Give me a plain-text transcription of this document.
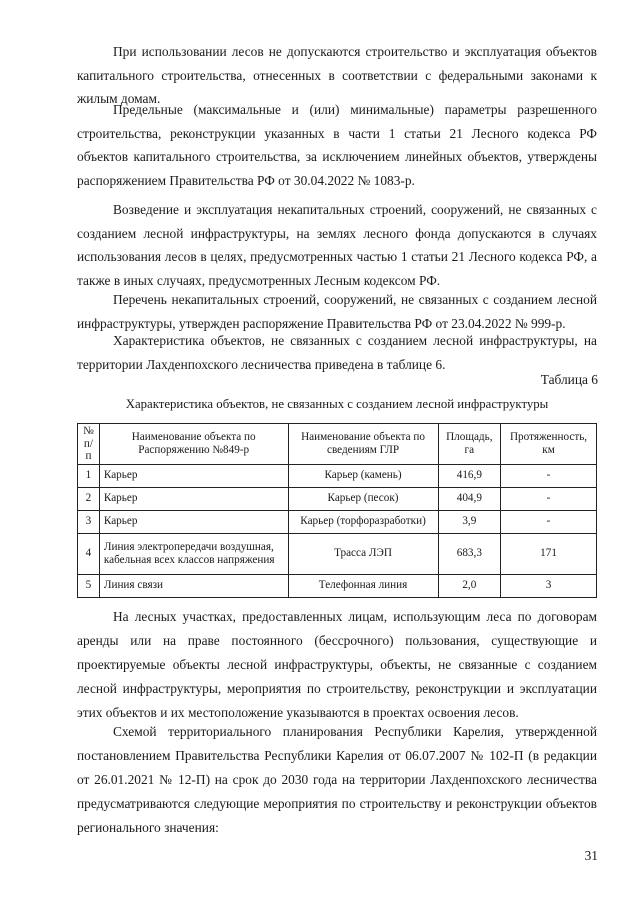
При использовании лесов не допускаются строительство и эксплуатация объектов капитального строительства, отнесенных в соответствии с федеральными законами к жилым домам.

Предельные (максимальные и (или) минимальные) параметры разрешенного строительства, реконструкции указанных в части 1 статьи 21 Лесного кодекса РФ объектов капитального строительства, за исключением линейных объектов, утверждены распоряжением Правительства РФ от 30.04.2022 № 1083-р.

Возведение и эксплуатация некапитальных строений, сооружений, не связанных с созданием лесной инфраструктуры, на землях лесного фонда допускаются в случаях использования лесов в целях, предусмотренных частью 1 статьи 21 Лесного кодекса РФ, а также в иных случаях, предусмотренных Лесным кодексом РФ.

Перечень некапитальных строений, сооружений, не связанных с созданием лесной инфраструктуры, утвержден распоряжение Правительства РФ от 23.04.2022 № 999-р.

Характеристика объектов, не связанных с созданием лесной инфраструктуры, на территории Лахденпохского лесничества приведена в таблице 6.

Таблица 6

Характеристика объектов, не связанных с созданием лесной инфраструктуры

№ п/п	Наименование объекта по Распоряжению №849-р	Наименование объекта по сведениям ГЛР	Площадь, га	Протяженность, км
1	Карьер	Карьер (камень)	416,9	-
2	Карьер	Карьер (песок)	404,9	-
3	Карьер	Карьер (торфоразработки)	3,9	-
4	Линия электропередачи воздушная, кабельная всех классов напряжения	Трасса ЛЭП	683,3	171
5	Линия связи	Телефонная линия	2,0	3

На лесных участках, предоставленных лицам, использующим леса по договорам аренды или на праве постоянного (бессрочного) пользования, существующие и проектируемые объекты лесной инфраструктуры, объекты, не связанные с созданием лесной инфраструктуры, мероприятия по строительству, реконструкции и эксплуатации этих объектов и их местоположение указываются в проектах освоения лесов.

Схемой территориального планирования Республики Карелия, утвержденной постановлением Правительства Республики Карелия от 06.07.2007 № 102-П (в редакции от 26.01.2021 № 12-П) на срок до 2030 года на территории Лахденпохского лесничества предусматриваются следующие мероприятия по строительству и реконструкции объектов регионального значения:

31
